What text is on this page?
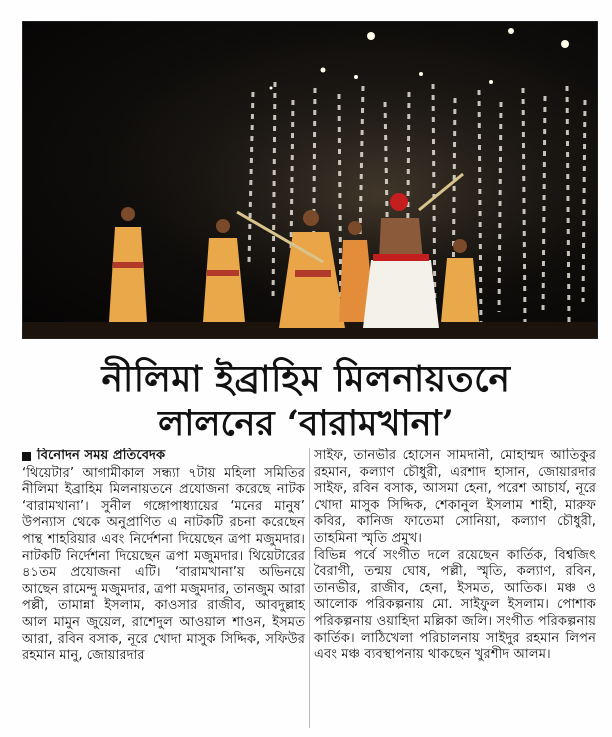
নীলিমা ইব্রাহিম মিলনায়তনে
লালনের ‘বারামখানা’
বিনোদন সময় প্রতিবেদক

‘থিয়েটার’ আগামীকাল সন্ধ্যা ৭টায় মহিলা সমিতির নীলিমা ইব্রাহিম মিলনায়তনে প্রযোজনা করেছে নাটক ‘বারামখানা’। সুনীল গঙ্গোপাধ্যায়ের ‘মনের মানুষ’ উপন্যাস থেকে অনুপ্রাণিত এ নাটকটি রচনা করেছেন পান্থ শাহরিয়ার এবং নির্দেশনা দিয়েছেন ত্রপা মজুমদার। নাটকটি নির্দেশনা দিয়েছেন ত্রপা মজুমদার। থিয়েটারের ৪১তম প্রযোজনা এটি। ‘বারামখানা’য় অভিনয়ে আছেন রামেন্দু মজুমদার, ত্রপা মজুমদার, তানজুম আরা পল্লী, তামান্না ইসলাম, কাওসার রাজীব, আবদুল্লাহ আল মামুন জুয়েল, রাশেদুল আওয়াল শাওন, ইসমত আরা, রবিন বসাক, নূরে খোদা মাসুক সিদ্দিক, সফিউর রহমান মানু, জোয়ারদার

সাইফ, তানভীর হোসেন সামদানী, মোহাম্মদ আতিকুর রহমান, কল্যাণ চৌধুরী, এরশাদ হাসান, জোয়ারদার সাইফ, রবিন বসাক, আসমা হেনা, পরেশ আচার্য, নূরে খোদা মাসুক সিদ্দিক, শেকানুল ইসলাম শাহী, মারুফ কবির, কানিজ ফাতেমা সোনিয়া, কল্যাণ চৌধুরী, তাহমিনা স্মৃতি প্রমুখ।

বিভিন্ন পর্বে সংগীত দলে রয়েছেন কার্তিক, বিশ্বজিৎ বৈরাগী, তন্ময় ঘোষ, পল্লী, স্মৃতি, কল্যাণ, রবিন, তানভীর, রাজীব, হেনা, ইসমত, আতিক। মঞ্চ ও আলোক পরিকল্পনায় মো. সাইফুল ইসলাম। পোশাক পরিকল্পনায় ওয়াহিদা মল্লিকা জলি। সংগীত পরিকল্পনায় কার্তিক। লাঠিখেলা পরিচালনায় সাইদুর রহমান লিপন এবং মঞ্চ ব্যবস্থাপনায় থাকছেন খুরশীদ আলম।
